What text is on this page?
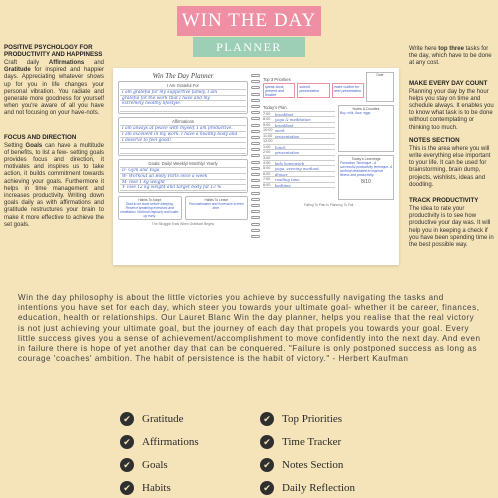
WIN THE DAY
PLANNER
POSITIVE PSYCHOLOGY FOR PRODUCTIVITY AND HAPPINESS

Craft daily Affirmations and Gratitude for inspired and happier days. Appreciating whatever shows up for you in life changes your personal vibration. You radiate and generate more goodness for yourself when you're aware of all you have and not focusing on your have-nots.

FOCUS AND DIRECTION

Setting Goals can have a multitude of benefits, to list a few- setting goals provides focus and direction, it motivates and inspires us to take action, it builds commitment towards achieving your goals. Furthermore it helps in time management and increases productivity. Writing down goals daily as with affirmations and gratitude restructures your brain to make it more effective to achieve the set goals.

Write here top three tasks for the day, which have to be done at any cost.

MAKE EVERY DAY COUNT

Planning your day by the hour helps you stay on time and schedule always. It enables you to know what task is to be done without contemplating or thinking too much.

NOTES SECTION

This is the area where you will write everything else important to your life. It can be used for brainstorming, brain dump, projects, wishlists, ideas and doodling.

TRACK PRODUCTIVITY

The idea to rate your productivity is to see how productive your day was. It will help you in keeping a check if you have been spending time in the best possible way.

Win The Day Planner
I Am Grateful For
I am grateful for my supportive family. I am
grateful for the work that I have and my
extremely healthy lifestyle.
Affirmations
I am always at peace with myself. I am productive.
I am excellent in my work. I have a healthy body and
I deserve to feel good!
Goals: Daily/ Weekly/ Monthly/ Yearly
D- Gym and Yoga
W- Workout all Body Parts once a week
M- lose 1 kg weight
Y- lose 12 kg weight and target body fat 13 %
Habits To Adopt
Start to be done before sleeping. Reserve breathing exercises and meditation. Workout regularly and wake-up early.
Habits To Leave
Procrastination and excessive screen time.
The Struggle Ends When Gratitude Begins
Top 3 Priorities
speak book, present and finalize
submit presentation
make outline for next presentation
Date
Today's Plan
7:00	breakfast
8:00	yoga & meditation
9:00	breakfast
10:00 work
11:00 presentation
12:00
1:00	lunch
2:00	presentation
3:00
4:00	kids homework
5:00	yoga, evening workout
6:00	dinner
7:00	reading time
8:00	bedtime
Notes & Doodles
Buy: milk, flour, eggs
Today's Learnings
Pomodoro Technique - A successful productivity technique. A workout dedicated to improve fitness and productivity.
8/10
Failing To Plan Is Planning To Fail

Win the day philosophy is about the little victories you achieve by successfully navigating the tasks and intentions you have set for each day, which steer you towards your ultimate goal- whether it be career, finances, education, health or relationships. Our Lauret Blanc Win the day planner, helps you realise that the real victory is not just achieving your ultimate goal, but the journey of each day that propels you towards your goal. Every little success gives you a sense of achievement/accomplishment to move confidently into the next day. And even in failure there is hope of yet another day that can be conquered. "Failure is only postponed success as long as courage 'coaches' ambition. The habit of persistence is the habit of victory." - Herbert Kaufman

✔ Gratitude	✔ Top Priorities
✔ Affirmations	✔ Time Tracker
✔ Goals	✔ Notes Section
✔ Habits	✔ Daily Reflection
